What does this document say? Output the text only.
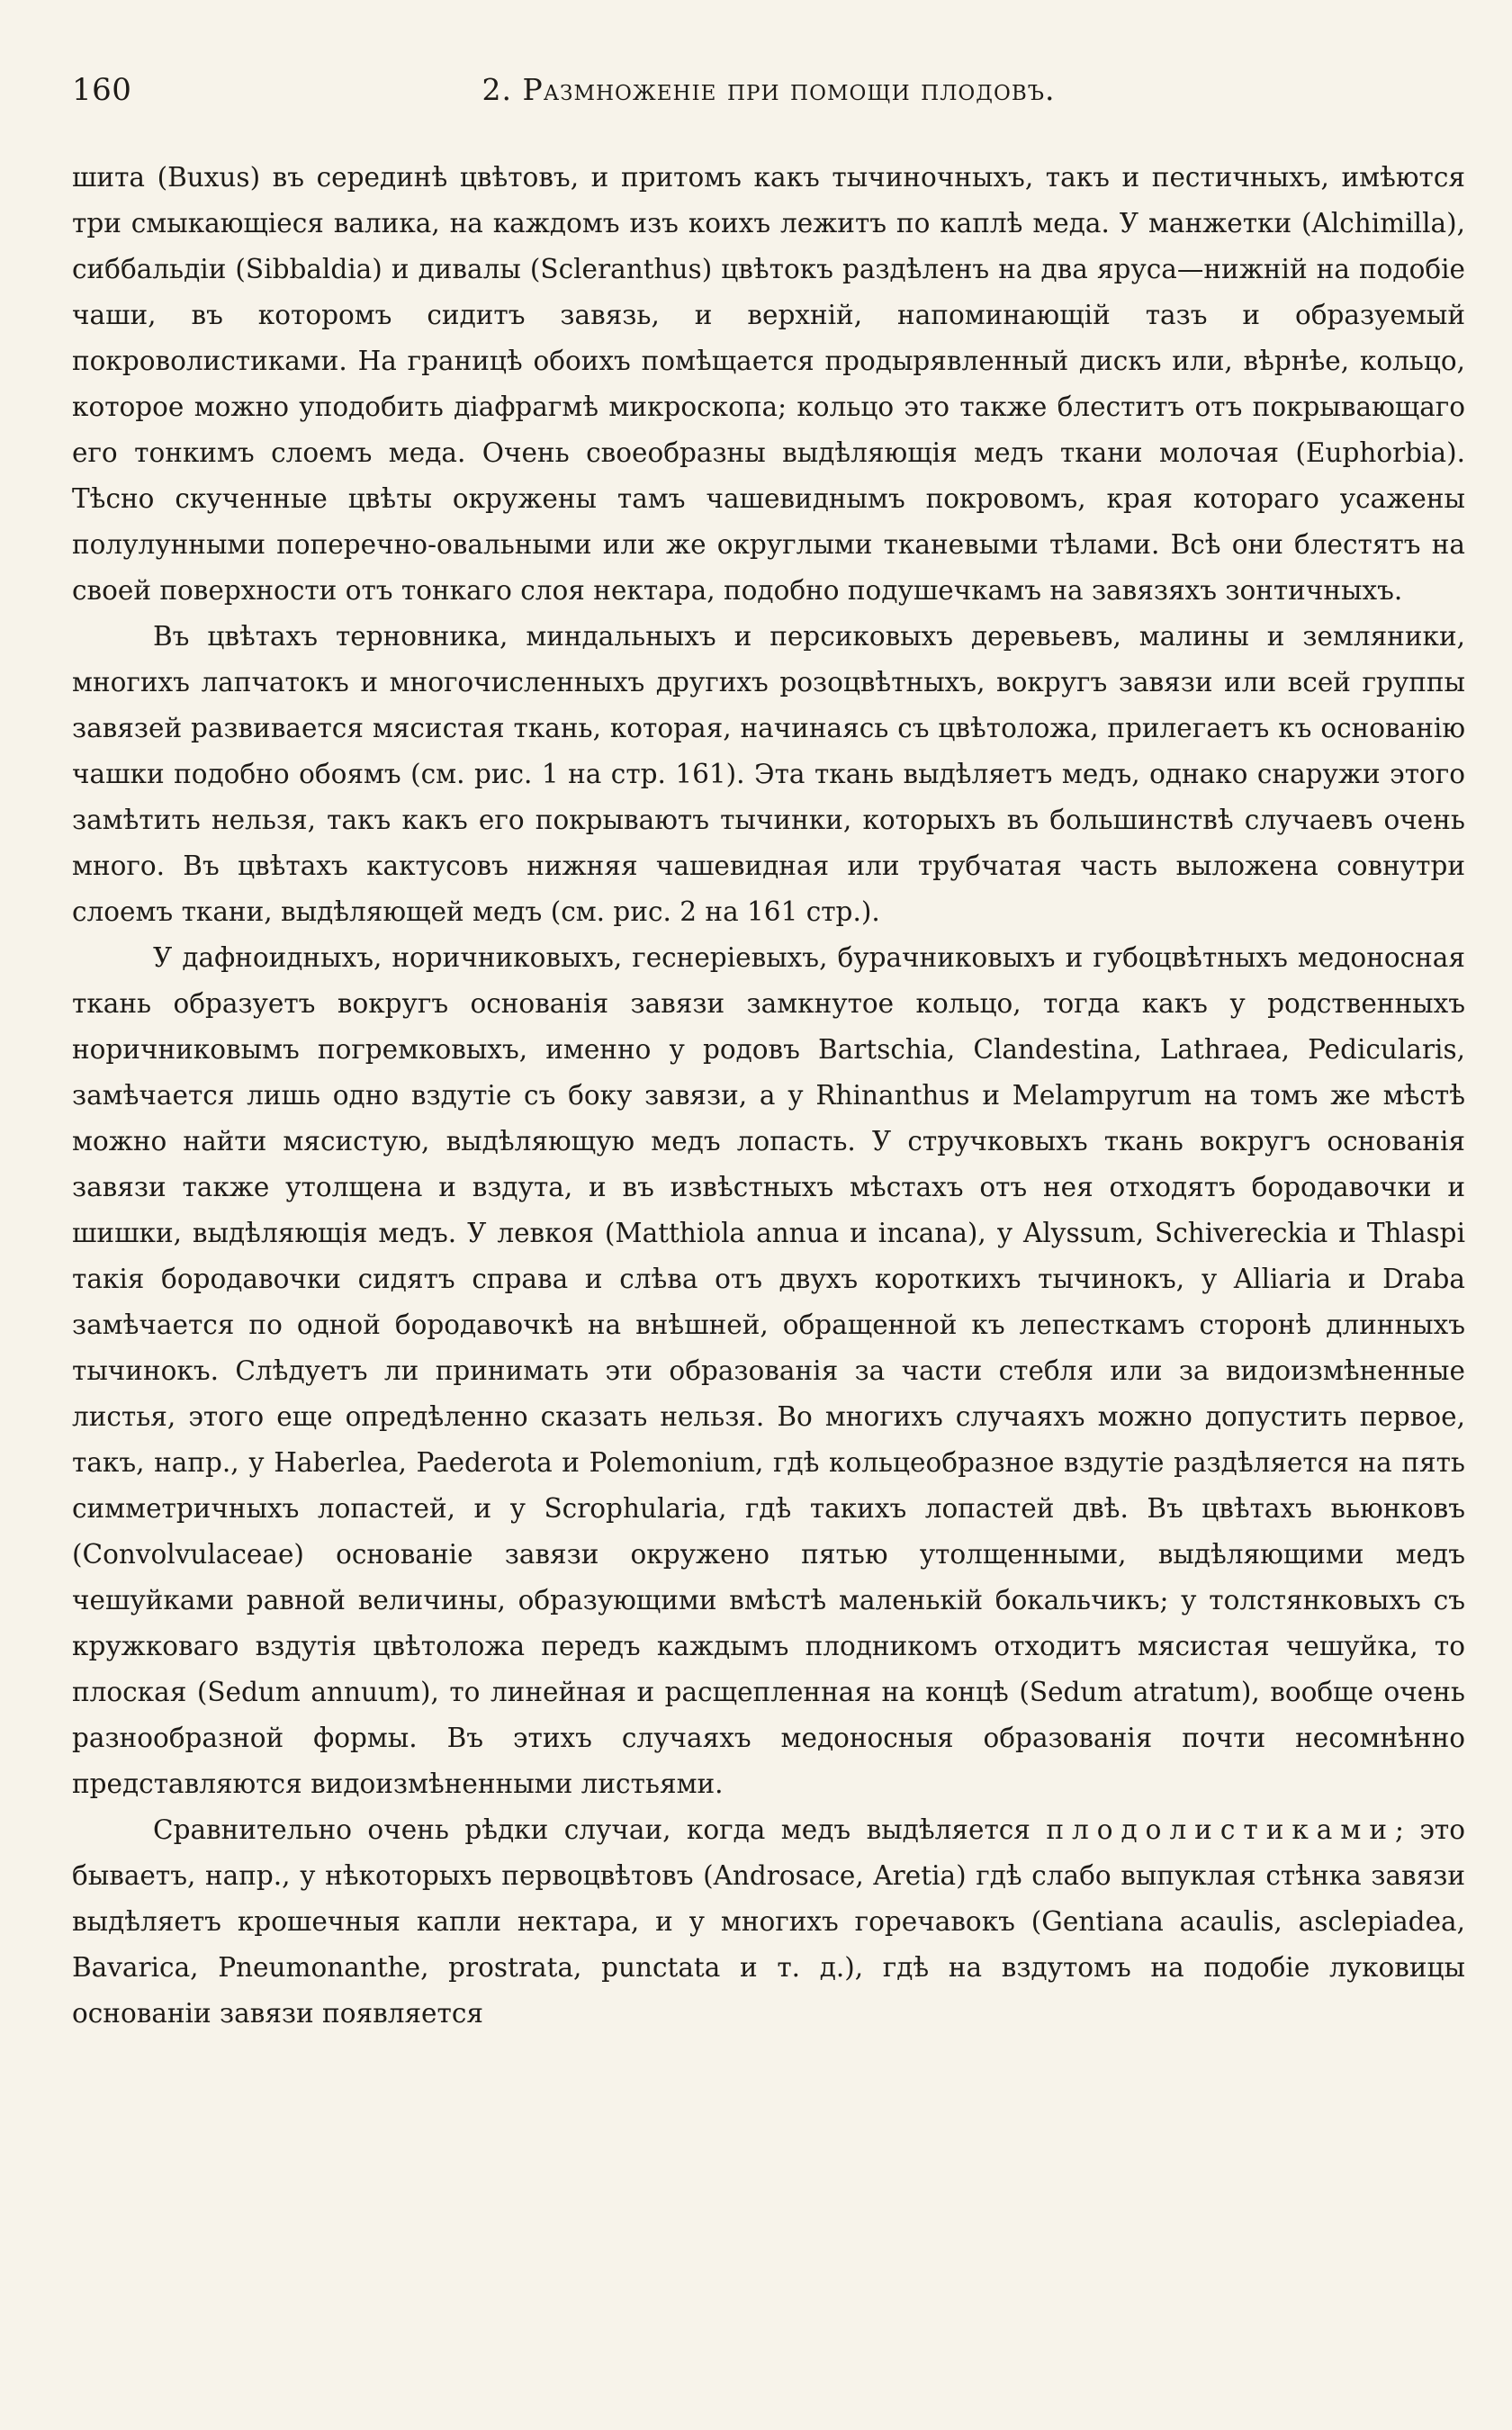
160	2. Размноженіе при помощи плодовъ.

шита (Buxus) въ серединѣ цвѣтовъ, и притомъ какъ тычиночныхъ, такъ и пестичныхъ, имѣются три смыкающіеся валика, на каждомъ изъ коихъ лежитъ по каплѣ меда. У манжетки (Alchimilla), сиббальдіи (Sibbaldia) и дивалы (Scleranthus) цвѣтокъ раздѣленъ на два яруса—нижній на подобіе чаши, въ которомъ сидитъ завязь, и верхній, напоминающій тазъ и образуемый покроволистиками. На границѣ обоихъ помѣщается продырявленный дискъ или, вѣрнѣе, кольцо, которое можно уподобить діафрагмѣ микроскопа; кольцо это также блеститъ отъ покрывающаго его тонкимъ слоемъ меда. Очень своеобразны выдѣляющія медъ ткани молочая (Euphorbia). Тѣсно скученные цвѣты окружены тамъ чашевиднымъ покровомъ, края котораго усажены полулунными поперечно-овальными или же округлыми тканевыми тѣлами. Всѣ они блестятъ на своей поверхности отъ тонкаго слоя нектара, подобно подушечкамъ на завязяхъ зонтичныхъ.

Въ цвѣтахъ терновника, миндальныхъ и персиковыхъ деревьевъ, малины и земляники, многихъ лапчатокъ и многочисленныхъ другихъ розоцвѣтныхъ, вокругъ завязи или всей группы завязей развивается мясистая ткань, которая, начинаясь съ цвѣтоложа, прилегаетъ къ основанію чашки подобно обоямъ (см. рис. 1 на стр. 161). Эта ткань выдѣляетъ медъ, однако снаружи этого замѣтить нельзя, такъ какъ его покрываютъ тычинки, которыхъ въ большинствѣ случаевъ очень много. Въ цвѣтахъ кактусовъ нижняя чашевидная или трубчатая часть выложена совнутри слоемъ ткани, выдѣляющей медъ (см. рис. 2 на 161 стр.).

У дафноидныхъ, норичниковыхъ, геснеріевыхъ, бурачниковыхъ и губоцвѣтныхъ медоносная ткань образуетъ вокругъ основанія завязи замкнутое кольцо, тогда какъ у родственныхъ норичниковымъ погремковыхъ, именно у родовъ Bartschia, Clandestina, Lathraea, Pedicularis, замѣчается лишь одно вздутіе съ боку завязи, а у Rhinanthus и Melampyrum на томъ же мѣстѣ можно найти мясистую, выдѣляющую медъ лопасть. У стручковыхъ ткань вокругъ основанія завязи также утолщена и вздута, и въ извѣстныхъ мѣстахъ отъ нея отходятъ бородавочки и шишки, выдѣляющія медъ. У левкоя (Matthiola annua и incana), у Alyssum, Schivereckia и Thlaspi такія бородавочки сидятъ справа и слѣва отъ двухъ короткихъ тычинокъ, у Alliaria и Draba замѣчается по одной бородавочкѣ на внѣшней, обращенной къ лепесткамъ сторонѣ длинныхъ тычинокъ. Слѣдуетъ ли принимать эти образованія за части стебля или за видоизмѣненные листья, этого еще опредѣленно сказать нельзя. Во многихъ случаяхъ можно допустить первое, такъ, напр., у Haberlea, Paederota и Polemonium, гдѣ кольцеобразное вздутіе раздѣляется на пять симметричныхъ лопастей, и у Scrophularia, гдѣ такихъ лопастей двѣ. Въ цвѣтахъ вьюнковъ (Convolvulaceae) основаніе завязи окружено пятью утолщенными, выдѣляющими медъ чешуйками равной величины, образующими вмѣстѣ маленькій бокальчикъ; у толстянковыхъ съ кружковаго вздутія цвѣтоложа передъ каждымъ плодникомъ отходитъ мясистая чешуйка, то плоская (Sedum annuum), то линейная и расщепленная на концѣ (Sedum atratum), вообще очень разнообразной формы. Въ этихъ случаяхъ медоносныя образованія почти несомнѣнно представляются видоизмѣненными листьями.

Сравнительно очень рѣдки случаи, когда медъ выдѣляется плодолистиками; это бываетъ, напр., у нѣкоторыхъ первоцвѣтовъ (Androsace, Aretia) гдѣ слабо выпуклая стѣнка завязи выдѣляетъ крошечныя капли нектара, и у многихъ горечавокъ (Gentiana acaulis, asclepiadea, Bavarica, Pneumonanthe, prostrata, punctata и т. д.), гдѣ на вздутомъ на подобіе луковицы основаніи завязи появляется
